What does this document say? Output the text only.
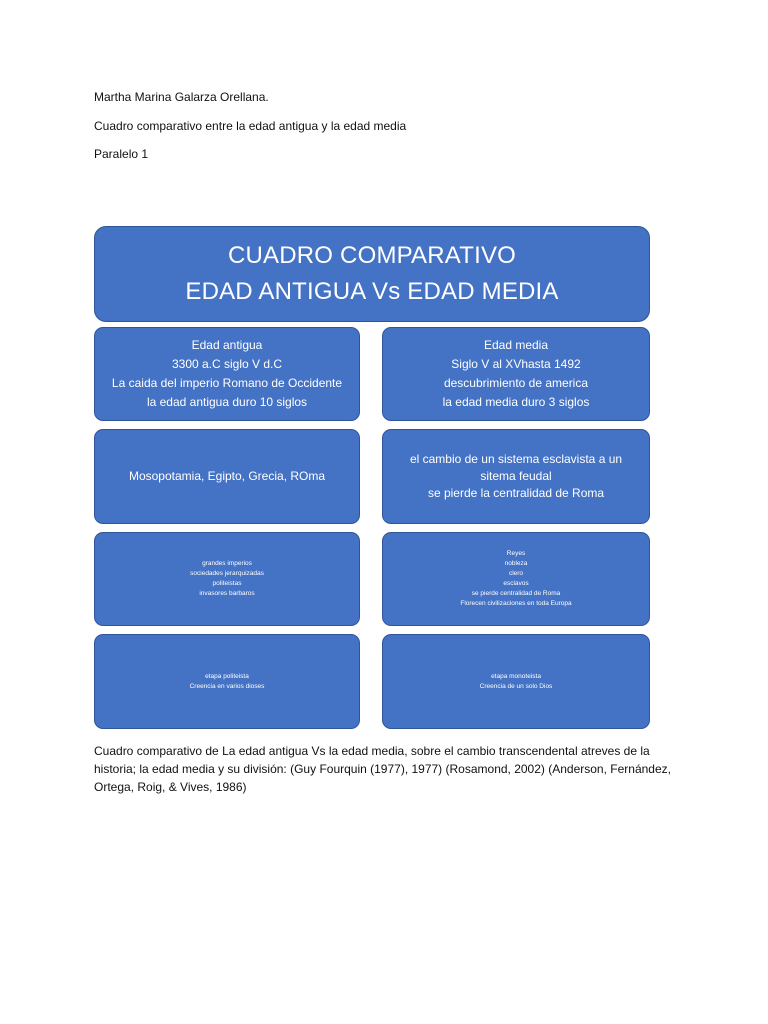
Martha Marina Galarza Orellana.
Cuadro comparativo entre la edad antigua y la edad media
Paralelo 1
CUADRO COMPARATIVO
EDAD ANTIGUA Vs EDAD MEDIA
Edad antigua
3300 a.C siglo V d.C
La caida del imperio Romano de Occidente
la edad antigua duro 10 siglos
Edad media
Siglo V al XVhasta 1492
descubrimiento de america
la edad media duro 3 siglos
Mosopotamia, Egipto, Grecia, ROma
el cambio de un sistema esclavista a un sitema feudal
se pierde la centralidad de Roma
grandes imperios
sociedades jerarquizadas
politeistas
invasores barbaros
Reyes
nobleza
clero
esclavos
se pierde centralidad de Roma
Florecen civilizaciones en toda Europa
etapa politeista
Creencia en varios dioses
etapa monoteista
Creencia de un solo Dios
Cuadro comparativo de La edad antigua Vs la edad media, sobre el cambio transcendental atreves de la historia; la edad media y su división: (Guy Fourquin (1977), 1977) (Rosamond, 2002) (Anderson, Fernández, Ortega, Roig, & Vives, 1986)
